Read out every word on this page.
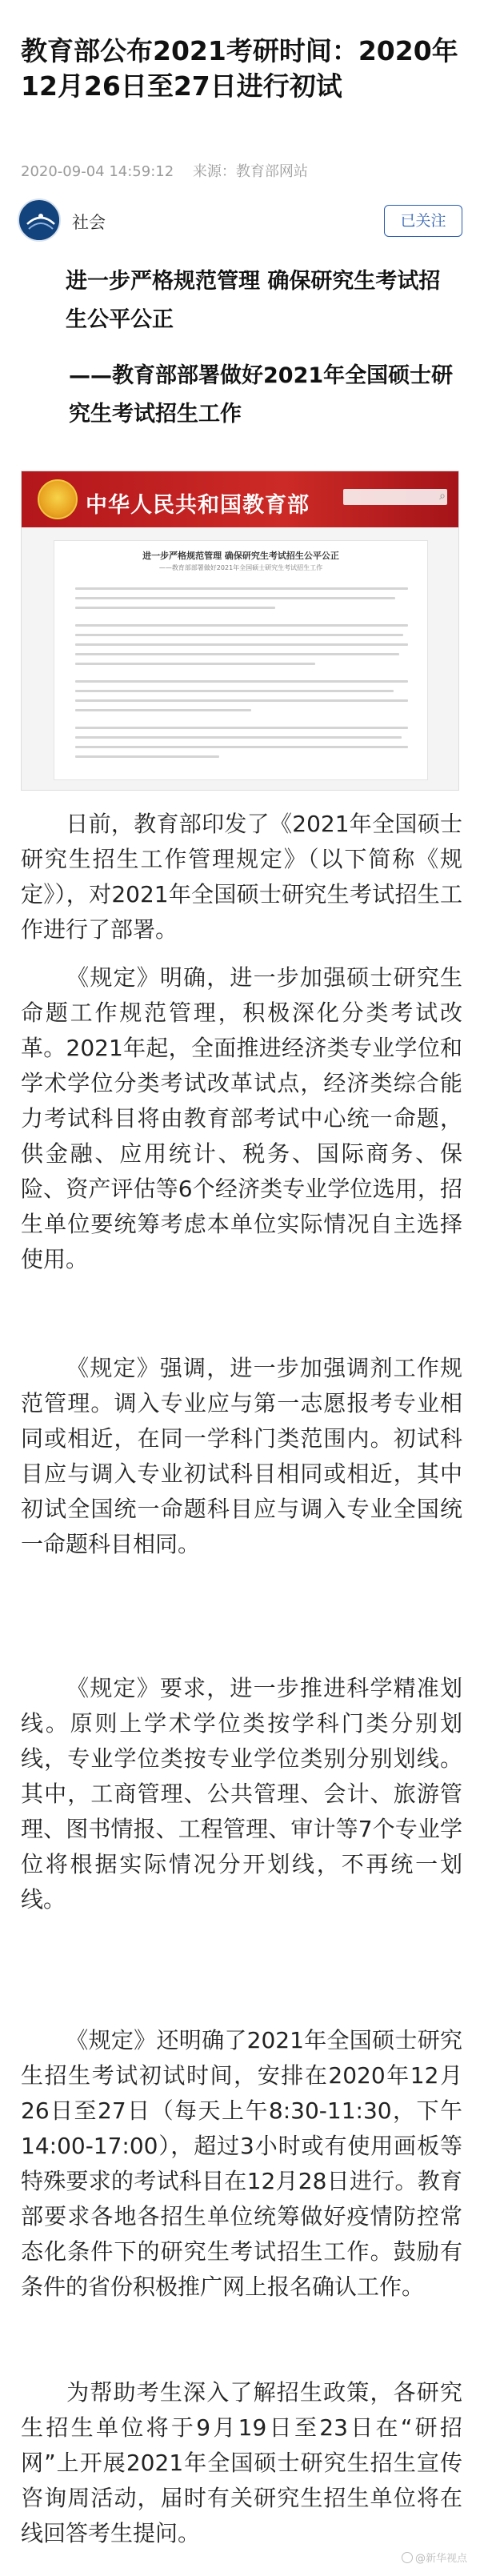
教育部公布2021考研时间：2020年12月26日至27日进行初试
2020-09-04 14:59:12 来源：教育部网站
社会	已关注
进一步严格规范管理 确保研究生考试招生公平公正
——教育部部署做好2021年全国硕士研究生考试招生工作
中华人民共和国教育部	⌕
进一步严格规范管理 确保研究生考试招生公平公正
——教育部部署做好2021年全国硕士研究生考试招生工作

日前，教育部印发了《2021年全国硕士研究生招生工作管理规定》（以下简称《规定》），对2021年全国硕士研究生考试招生工作进行了部署。

《规定》明确，进一步加强硕士研究生命题工作规范管理，积极深化分类考试改革。2021年起，全面推进经济类专业学位和学术学位分类考试改革试点，经济类综合能力考试科目将由教育部考试中心统一命题，供金融、应用统计、税务、国际商务、保险、资产评估等6个经济类专业学位选用，招生单位要统筹考虑本单位实际情况自主选择使用。

《规定》强调，进一步加强调剂工作规范管理。调入专业应与第一志愿报考专业相同或相近，在同一学科门类范围内。初试科目应与调入专业初试科目相同或相近，其中初试全国统一命题科目应与调入专业全国统一命题科目相同。

《规定》要求，进一步推进科学精准划线。原则上学术学位类按学科门类分别划线，专业学位类按专业学位类别分别划线。其中，工商管理、公共管理、会计、旅游管理、图书情报、工程管理、审计等7个专业学位将根据实际情况分开划线，不再统一划线。

《规定》还明确了2021年全国硕士研究生招生考试初试时间，安排在2020年12月26日至27日（每天上午8:30-11:30，下午14:00-17:00），超过3小时或有使用画板等特殊要求的考试科目在12月28日进行。教育部要求各地各招生单位统筹做好疫情防控常态化条件下的研究生考试招生工作。鼓励有条件的省份积极推广网上报名确认工作。

为帮助考生深入了解招生政策，各研究生招生单位将于9月19日至23日在“研招网”上开展2021年全国硕士研究生招生宣传咨询周活动，届时有关研究生招生单位将在线回答考生提问。

@新华视点
